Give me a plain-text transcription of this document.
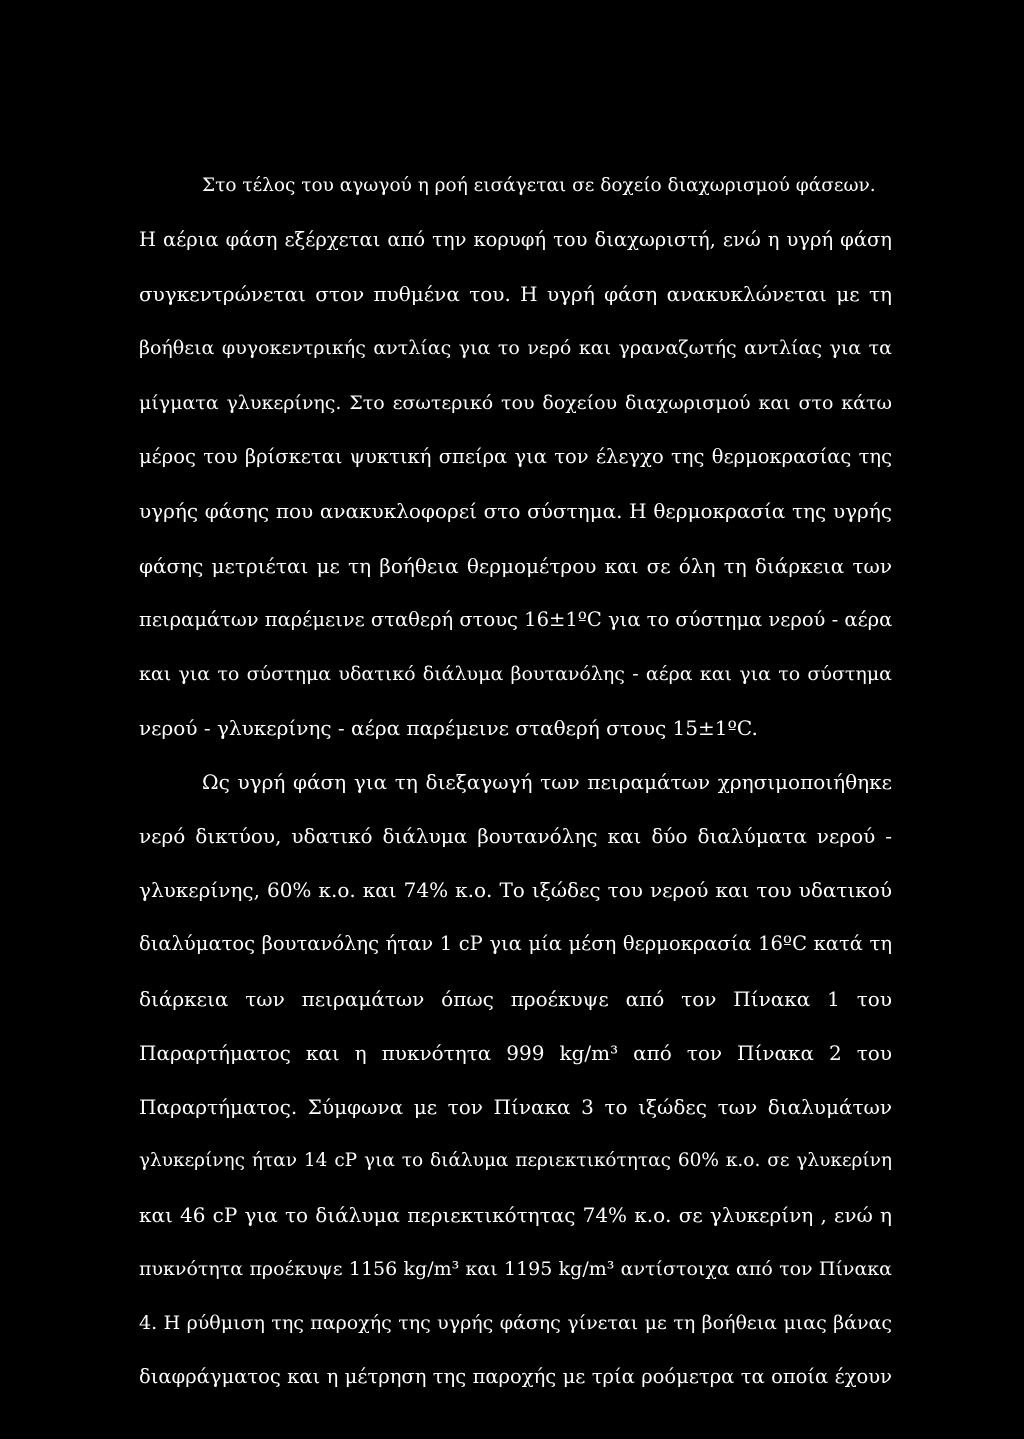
Στο τέλος του αγωγού η ροή εισάγεται σε δοχείο διαχωρισμού φάσεων.
Η αέρια φάση εξέρχεται από την κορυφή του διαχωριστή, ενώ η υγρή φάση
συγκεντρώνεται στον πυθμένα του. Η υγρή φάση ανακυκλώνεται με τη
βοήθεια φυγοκεντρικής αντλίας για το νερό και γραναζωτής αντλίας για τα
μίγματα γλυκερίνης. Στο εσωτερικό του δοχείου διαχωρισμού και στο κάτω
μέρος του βρίσκεται ψυκτική σπείρα για τον έλεγχο της θερμοκρασίας της
υγρής φάσης που ανακυκλοφορεί στο σύστημα. Η θερμοκρασία της υγρής
φάσης μετριέται με τη βοήθεια θερμομέτρου και σε όλη τη διάρκεια των
πειραμάτων παρέμεινε σταθερή στους 16±1ºC για το σύστημα νερού - αέρα
και για το σύστημα υδατικό διάλυμα βουτανόλης - αέρα και για το σύστημα
νερού - γλυκερίνης - αέρα παρέμεινε σταθερή στους 15±1ºC.
Ως υγρή φάση για τη διεξαγωγή των πειραμάτων χρησιμοποιήθηκε
νερό δικτύου, υδατικό διάλυμα βουτανόλης και δύο διαλύματα νερού -
γλυκερίνης, 60% κ.ο. και 74% κ.ο. Το ιξώδες του νερού και του υδατικού
διαλύματος βουτανόλης ήταν 1 cP για μία μέση θερμοκρασία 16ºC κατά τη
διάρκεια των πειραμάτων όπως προέκυψε από τον Πίνακα 1 του
Παραρτήματος και η πυκνότητα 999 kg/m³ από τον Πίνακα 2 του
Παραρτήματος. Σύμφωνα με τον Πίνακα 3 το ιξώδες των διαλυμάτων
γλυκερίνης ήταν 14 cP για το διάλυμα περιεκτικότητας 60% κ.ο. σε γλυκερίνη
και 46 cP για το διάλυμα περιεκτικότητας 74% κ.ο. σε γλυκερίνη , ενώ η
πυκνότητα προέκυψε 1156 kg/m³ και 1195 kg/m³ αντίστοιχα από τον Πίνακα
4. Η ρύθμιση της παροχής της υγρής φάσης γίνεται με τη βοήθεια μιας βάνας
διαφράγματος και η μέτρηση της παροχής με τρία ροόμετρα τα οποία έχουν
